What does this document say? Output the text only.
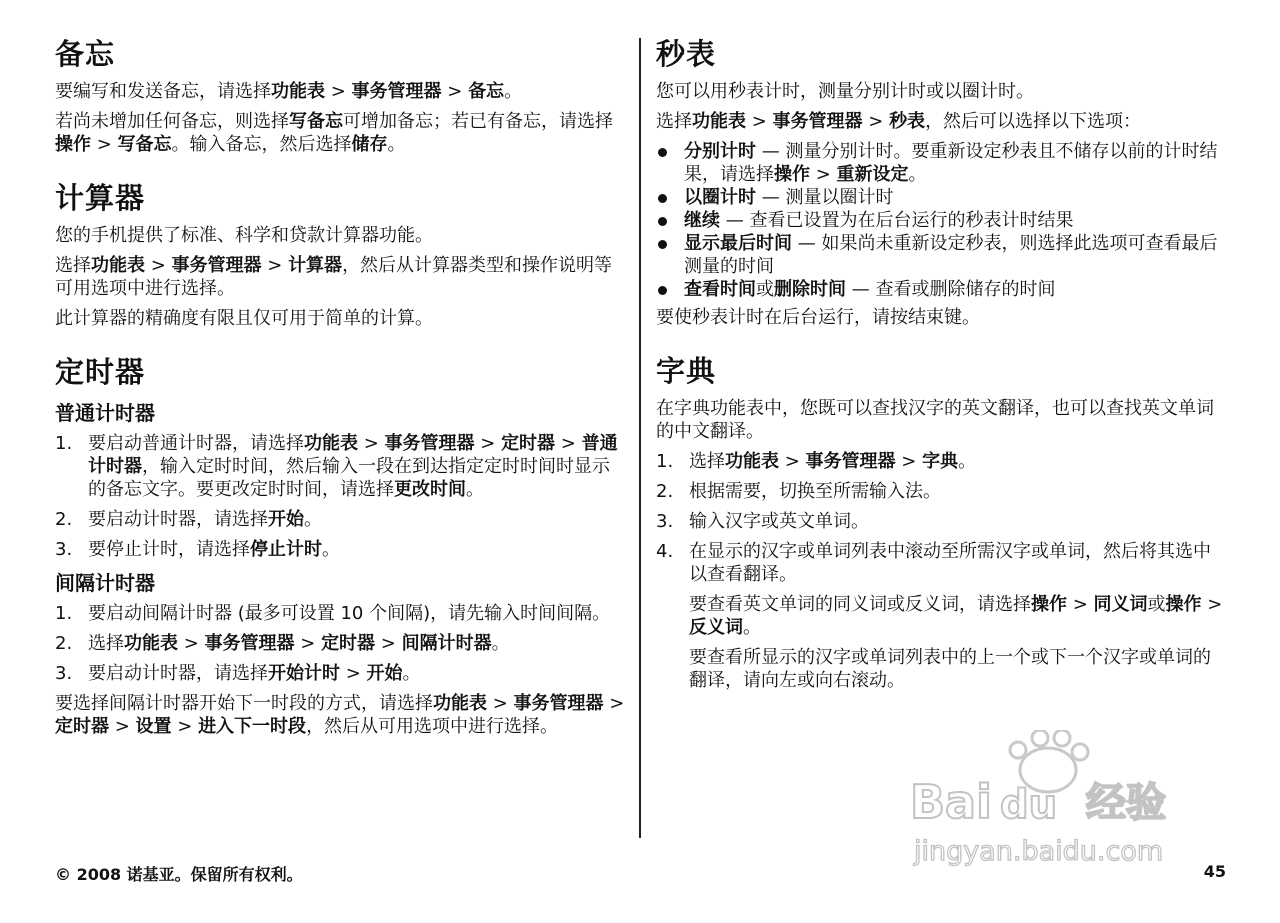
备忘

要编写和发送备忘，请选择功能表 > 事务管理器 > 备忘。

若尚未增加任何备忘，则选择写备忘可增加备忘；若已有备忘，请选择操作 > 写备忘。输入备忘，然后选择储存。

计算器

您的手机提供了标准、科学和贷款计算器功能。

选择功能表 > 事务管理器 > 计算器，然后从计算器类型和操作说明等可用选项中进行选择。

此计算器的精确度有限且仅可用于简单的计算。

定时器
普通计时器
1. 要启动普通计时器，请选择功能表 > 事务管理器 > 定时器 > 普通计时器，输入定时时间，然后输入一段在到达指定定时时间时显示的备忘文字。要更改定时时间，请选择更改时间。
2. 要启动计时器，请选择开始。
3. 要停止计时，请选择停止计时。
间隔计时器
1. 要启动间隔计时器 (最多可设置 10 个间隔)，请先输入时间间隔。
2. 选择功能表 > 事务管理器 > 定时器 > 间隔计时器。
3. 要启动计时器，请选择开始计时 > 开始。

要选择间隔计时器开始下一时段的方式，请选择功能表 > 事务管理器 > 定时器 > 设置 > 进入下一时段，然后从可用选项中进行选择。

秒表

您可以用秒表计时，测量分别计时或以圈计时。

选择功能表 > 事务管理器 > 秒表，然后可以选择以下选项：

分别计时 — 测量分别计时。要重新设定秒表且不储存以前的计时结果，请选择操作 > 重新设定。
以圈计时 — 测量以圈计时
继续 — 查看已设置为在后台运行的秒表计时结果
显示最后时间 — 如果尚未重新设定秒表，则选择此选项可查看最后测量的时间
查看时间或删除时间 — 查看或删除储存的时间

要使秒表计时在后台运行，请按结束键。

字典

在字典功能表中，您既可以查找汉字的英文翻译，也可以查找英文单词的中文翻译。

1. 选择功能表 > 事务管理器 > 字典。
2. 根据需要，切换至所需输入法。
3. 输入汉字或英文单词。
4. 在显示的汉字或单词列表中滚动至所需汉字或单词，然后将其选中以查看翻译。

要查看英文单词的同义词或反义词，请选择操作 > 同义词或操作 > 反义词。

要查看所显示的汉字或单词列表中的上一个或下一个汉字或单词的翻译，请向左或向右滚动。

Bai du 经验
jingyan.baidu.com
© 2008 诺基亚。保留所有权利。	45
